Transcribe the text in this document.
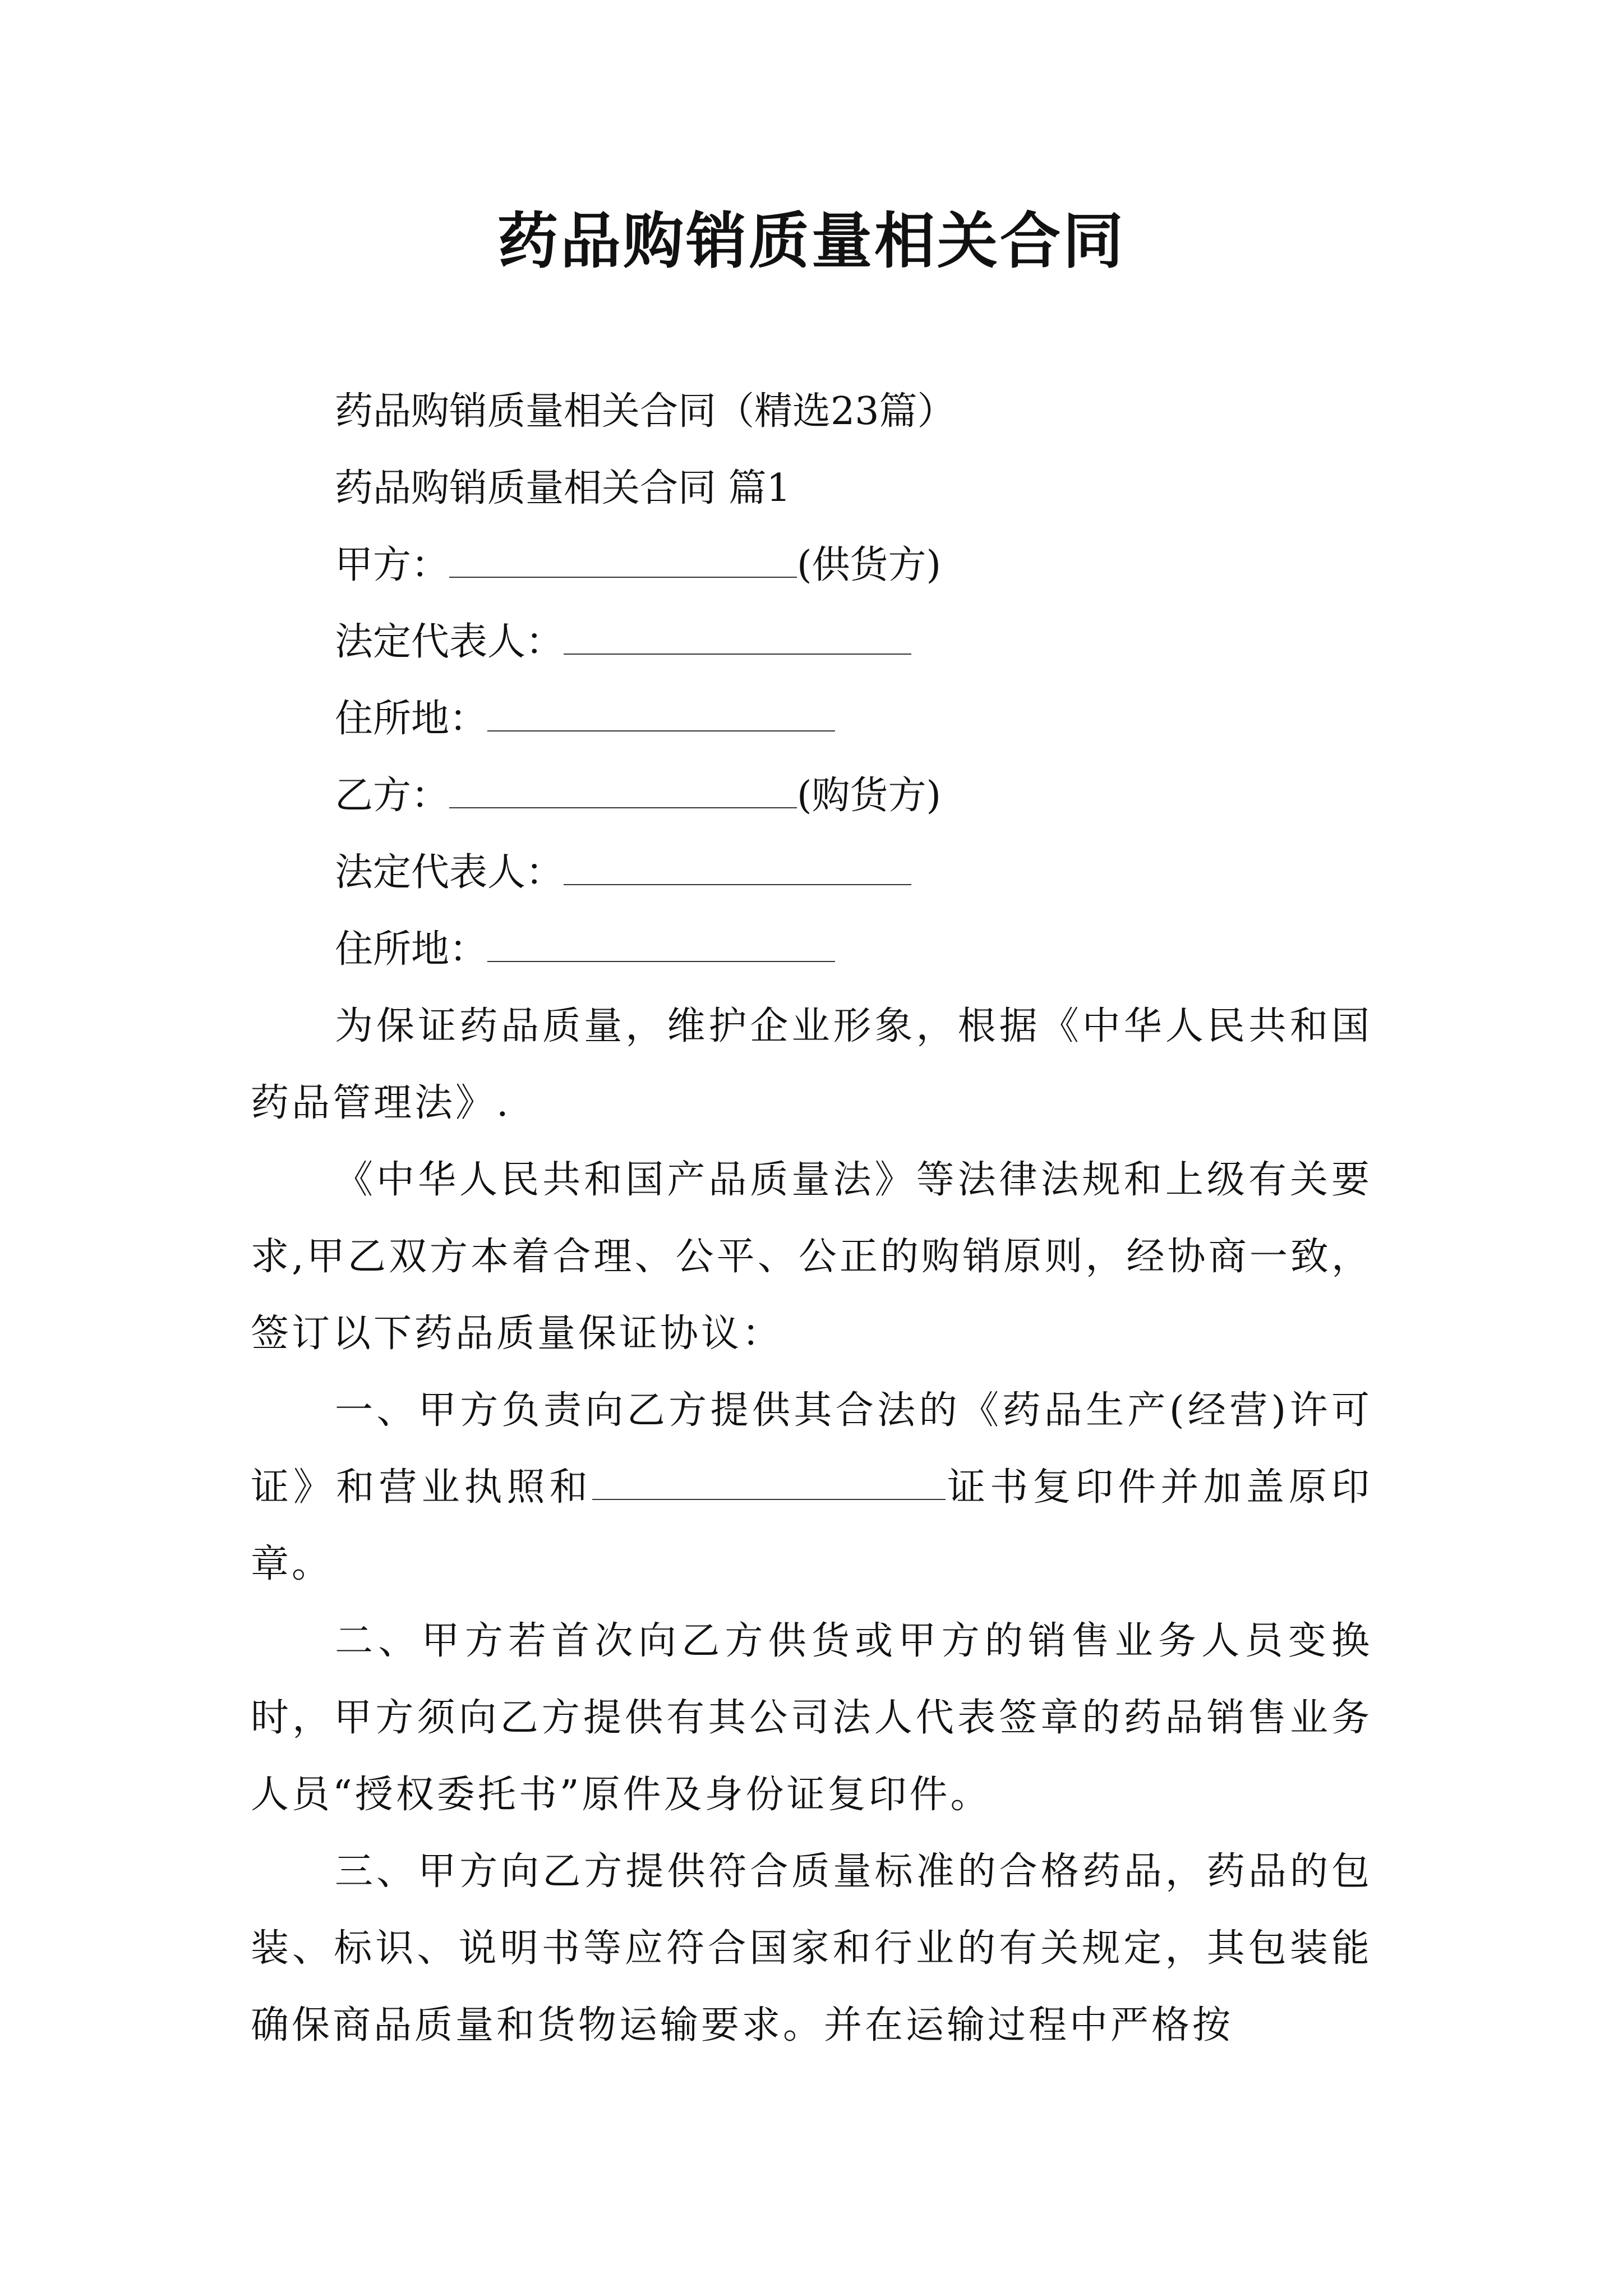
药品购销质量相关合同
药品购销质量相关合同（精选23篇）
药品购销质量相关合同 篇1
甲方：	(供货方)
法定代表人：
住所地：
乙方：	(购货方)
法定代表人：
住所地：
为保证药品质量，维护企业形象，根据《中华人民共和国药品管理法》.
《中华人民共和国产品质量法》等法律法规和上级有关要求,甲乙双方本着合理、公平、公正的购销原则，经协商一致，签订以下药品质量保证协议：
一、甲方负责向乙方提供其合法的《药品生产(经营)许可证》和营业执照和	证书复印件并加盖原印章。
二、甲方若首次向乙方供货或甲方的销售业务人员变换时，甲方须向乙方提供有其公司法人代表签章的药品销售业务人员“授权委托书”原件及身份证复印件。
三、甲方向乙方提供符合质量标准的合格药品，药品的包装、标识、说明书等应符合国家和行业的有关规定，其包装能确保商品质量和货物运输要求。并在运输过程中严格按
